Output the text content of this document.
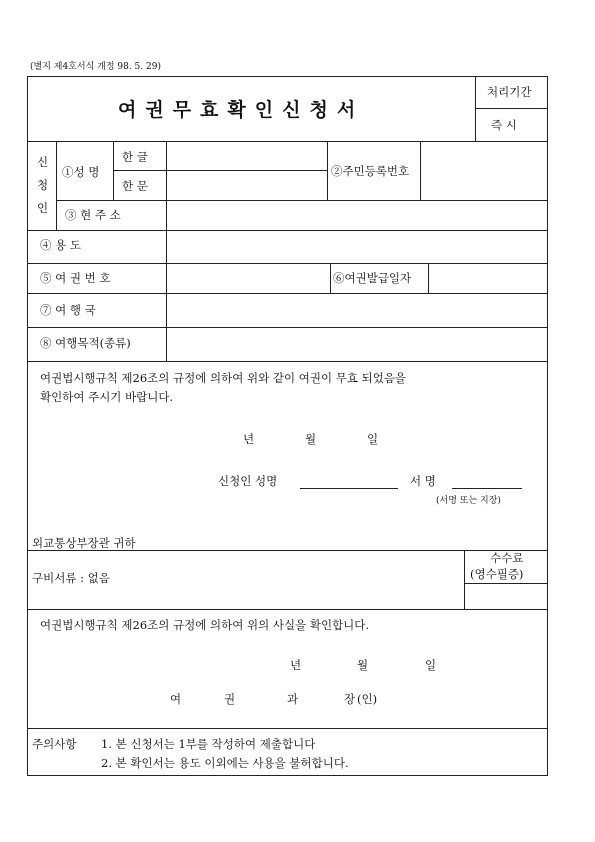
(별지 제4호서식 개정 98. 5. 29)
여권무효확인신청서
처리기간
즉 시
신
청
인
①성 명
한 글
한 문
②주민등록번호
③ 현 주 소
④ 용 도
⑤ 여 권 번 호	⑥여권발급일자
⑦ 여 행 국
⑧ 여행목적(종류)
여권법시행규칙 제26조의 규정에 의하여 위와 같이 여권이 무효 되었음을
확인하여 주시기 바랍니다.
년	월	일
신청인 성명	서 명
(서명 또는 지장)
외교통상부장관 귀하
구비서류 : 없음
수수료
(영수필증)
여권법시행규칙 제26조의 규정에 의하여 위의 사실을 확인합니다.
년	월	일
여	권	과	장 (인)
주의사항 1. 본 신청서는 1부를 작성하여 제출합니다
2. 본 확인서는 용도 이외에는 사용을 불허합니다.
